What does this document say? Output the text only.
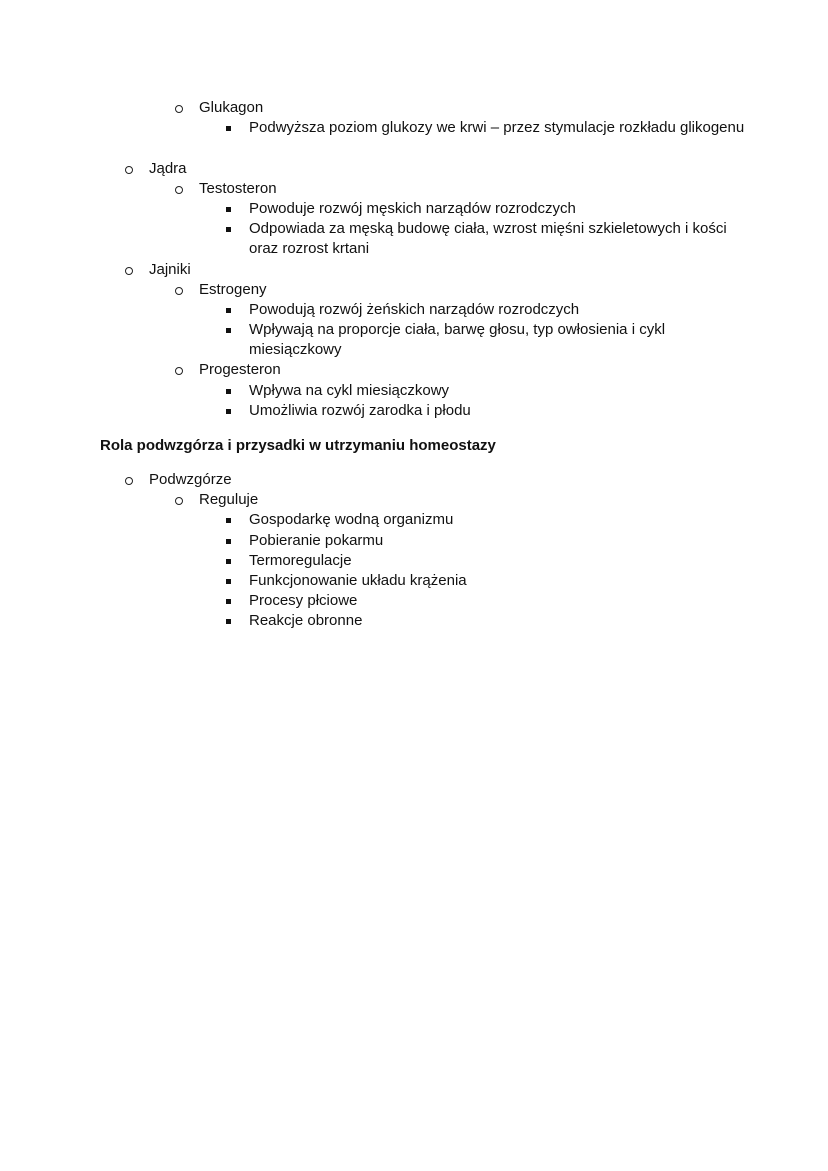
Glukagon
Podwyższa poziom glukozy we krwi – przez stymulacje rozkładu glikogenu
Jądra
Testosteron
Powoduje rozwój męskich narządów rozrodczych
Odpowiada za męską budowę ciała, wzrost mięśni szkieletowych i kości oraz rozrost krtani
Jajniki
Estrogeny
Powodują rozwój żeńskich narządów rozrodczych
Wpływają na proporcje ciała, barwę głosu, typ owłosienia i cykl miesiączkowy
Progesteron
Wpływa na cykl miesiączkowy
Umożliwia rozwój zarodka i płodu
Rola podwzgórza i przysadki w utrzymaniu homeostazy
Podwzgórze
Reguluje
Gospodarkę wodną organizmu
Pobieranie pokarmu
Termoregulacje
Funkcjonowanie układu krążenia
Procesy płciowe
Reakcje obronne
